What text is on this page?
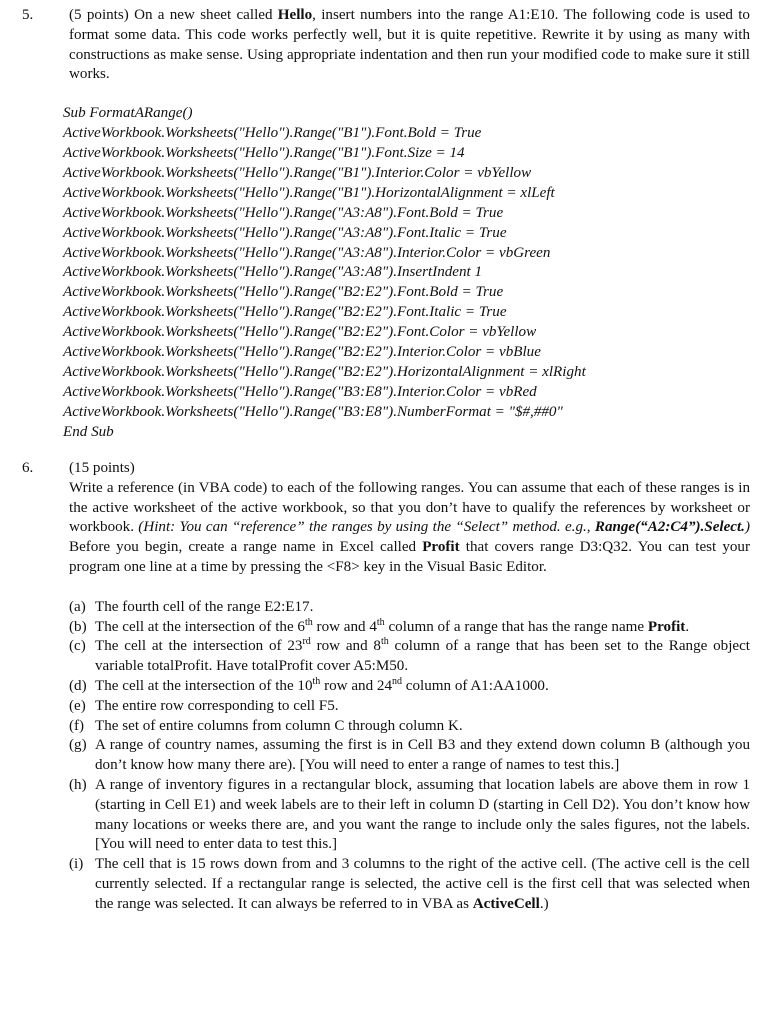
5.	(5 points) On a new sheet called Hello, insert numbers into the range A1:E10. The following code is used to format some data. This code works perfectly well, but it is quite repetitive. Rewrite it by using as many with constructions as make sense. Using appropriate indentation and then run your modified code to make sure it still works.
Sub FormatARange()
ActiveWorkbook.Worksheets("Hello").Range("B1").Font.Bold = True
ActiveWorkbook.Worksheets("Hello").Range("B1").Font.Size = 14
ActiveWorkbook.Worksheets("Hello").Range("B1").Interior.Color = vbYellow
ActiveWorkbook.Worksheets("Hello").Range("B1").HorizontalAlignment = xlLeft
ActiveWorkbook.Worksheets("Hello").Range("A3:A8").Font.Bold = True
ActiveWorkbook.Worksheets("Hello").Range("A3:A8").Font.Italic = True
ActiveWorkbook.Worksheets("Hello").Range("A3:A8").Interior.Color = vbGreen
ActiveWorkbook.Worksheets("Hello").Range("A3:A8").InsertIndent 1
ActiveWorkbook.Worksheets("Hello").Range("B2:E2").Font.Bold = True
ActiveWorkbook.Worksheets("Hello").Range("B2:E2").Font.Italic = True
ActiveWorkbook.Worksheets("Hello").Range("B2:E2").Font.Color = vbYellow
ActiveWorkbook.Worksheets("Hello").Range("B2:E2").Interior.Color = vbBlue
ActiveWorkbook.Worksheets("Hello").Range("B2:E2").HorizontalAlignment = xlRight
ActiveWorkbook.Worksheets("Hello").Range("B3:E8").Interior.Color = vbRed
ActiveWorkbook.Worksheets("Hello").Range("B3:E8").NumberFormat = "$#,##0"
End Sub
6.	(15 points)
Write a reference (in VBA code) to each of the following ranges. You can assume that each of these ranges is in the active worksheet of the active workbook, so that you don’t have to qualify the references by worksheet or workbook. (Hint: You can “reference” the ranges by using the “Select” method. e.g., Range(“A2:C4”).Select.) Before you begin, create a range name in Excel called Profit that covers range D3:Q32. You can test your program one line at a time by pressing the <F8> key in the Visual Basic Editor.
(a) The fourth cell of the range E2:E17.
(b) The cell at the intersection of the 6th row and 4th column of a range that has the range name Profit.
(c) The cell at the intersection of 23rd row and 8th column of a range that has been set to the Range object variable totalProfit. Have totalProfit cover A5:M50.
(d) The cell at the intersection of the 10th row and 24nd column of A1:AA1000.
(e) The entire row corresponding to cell F5.
(f) The set of entire columns from column C through column K.
(g) A range of country names, assuming the first is in Cell B3 and they extend down column B (although you don’t know how many there are). [You will need to enter a range of names to test this.]
(h) A range of inventory figures in a rectangular block, assuming that location labels are above them in row 1 (starting in Cell E1) and week labels are to their left in column D (starting in Cell D2). You don’t know how many locations or weeks there are, and you want the range to include only the sales figures, not the labels. [You will need to enter data to test this.]
(i) The cell that is 15 rows down from and 3 columns to the right of the active cell. (The active cell is the cell currently selected. If a rectangular range is selected, the active cell is the first cell that was selected when the range was selected. It can always be referred to in VBA as ActiveCell.)
